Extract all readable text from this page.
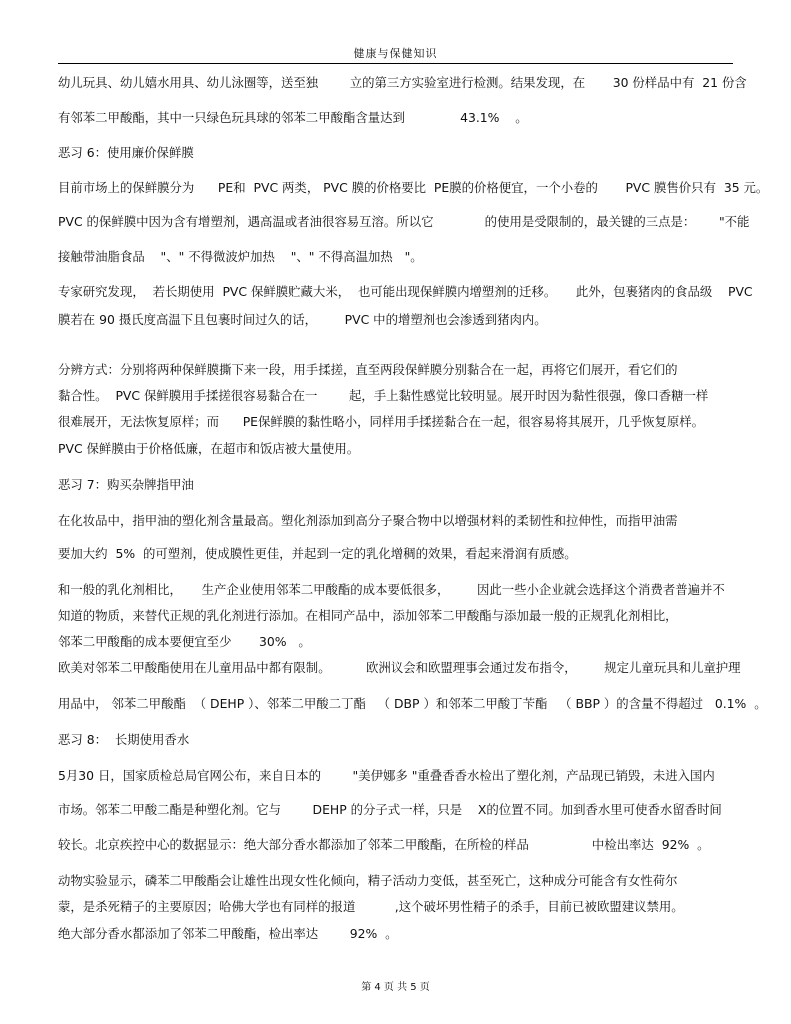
健康与保健知识
幼儿玩具、幼儿嬉水用具、幼儿泳圈等，送至独        立的第三方实验室进行检测。结果发现，在       30 份样品中有  21 份含
有邻苯二甲酸酯，其中一只绿色玩具球的邻苯二甲酸酯含量达到              43.1%    。
恶习 6：使用廉价保鲜膜
目前市场上的保鲜膜分为      PE和  PVC 两类， PVC 膜的价格要比  PE膜的价格便宜，一个小卷的       PVC 膜售价只有  35 元。
PVC 的保鲜膜中因为含有增塑剂，遇高温或者油很容易互溶。所以它             的使用是受限制的，最关键的三点是：      "不能
接触带油脂食品    "、" 不得微波炉加热    "、" 不得高温加热   "。
专家研究发现，  若长期使用  PVC 保鲜膜贮藏大米，  也可能出现保鲜膜内增塑剂的迁移。     此外，包裹猪肉的食品级    PVC
膜若在 90 摄氏度高温下且包裹时间过久的话，       PVC 中的增塑剂也会渗透到猪肉内。
分辨方式：分别将两种保鲜膜撕下来一段，用手揉搓，直至两段保鲜膜分别黏合在一起，再将它们展开，看它们的
黏合性。  PVC 保鲜膜用手揉搓很容易黏合在一        起，手上黏性感觉比较明显。展开时因为黏性很强，像口香糖一样
很难展开，无法恢复原样；而      PE保鲜膜的黏性略小，同样用手揉搓黏合在一起，很容易将其展开，几乎恢复原样。
PVC 保鲜膜由于价格低廉，在超市和饭店被大量使用。
恶习 7：购买杂牌指甲油
在化妆品中，指甲油的塑化剂含量最高。塑化剂添加到高分子聚合物中以增强材料的柔韧性和拉伸性，而指甲油需
要加大约  5%  的可塑剂，使成膜性更佳，并起到一定的乳化增稠的效果，看起来滑润有质感。
和一般的乳化剂相比，     生产企业使用邻苯二甲酸酯的成本要低很多，       因此一些小企业就会选择这个消费者普遍并不
知道的物质，来替代正规的乳化剂进行添加。在相同产品中，添加邻苯二甲酸酯与添加最一般的正规乳化剂相比，
邻苯二甲酸酯的成本要便宜至少       30%   。
欧美对邻苯二甲酸酯使用在儿童用品中都有限制。         欧洲议会和欧盟理事会通过发布指令，       规定儿童玩具和儿童护理
用品中， 邻苯二甲酸酯  （ DEHP ）、邻苯二甲酸二丁酯   （ DBP ）和邻苯二甲酸丁苄酯   （ BBP ）的含量不得超过   0.1%  。
恶习 8：  长期使用香水
5月30 日，国家质检总局官网公布，来自日本的        "美伊娜多 "重叠香香水检出了塑化剂，产品现已销毁，未进入国内
市场。邻苯二甲酸二酯是种塑化剂。它与        DEHP 的分子式一样，只是    X的位置不同。加到香水里可使香水留香时间
较长。北京疾控中心的数据显示：绝大部分香水都添加了邻苯二甲酸酯，在所检的样品                中检出率达  92%  。
动物实验显示，磷苯二甲酸酯会让雄性出现女性化倾向，精子活动力变低，甚至死亡，这种成分可能含有女性荷尔
蒙，是杀死精子的主要原因；哈佛大学也有同样的报道          ,这个破坏男性精子的杀手，目前已被欧盟建议禁用。
绝大部分香水都添加了邻苯二甲酸酯，检出率达        92%  。
第 4 页 共 5 页
